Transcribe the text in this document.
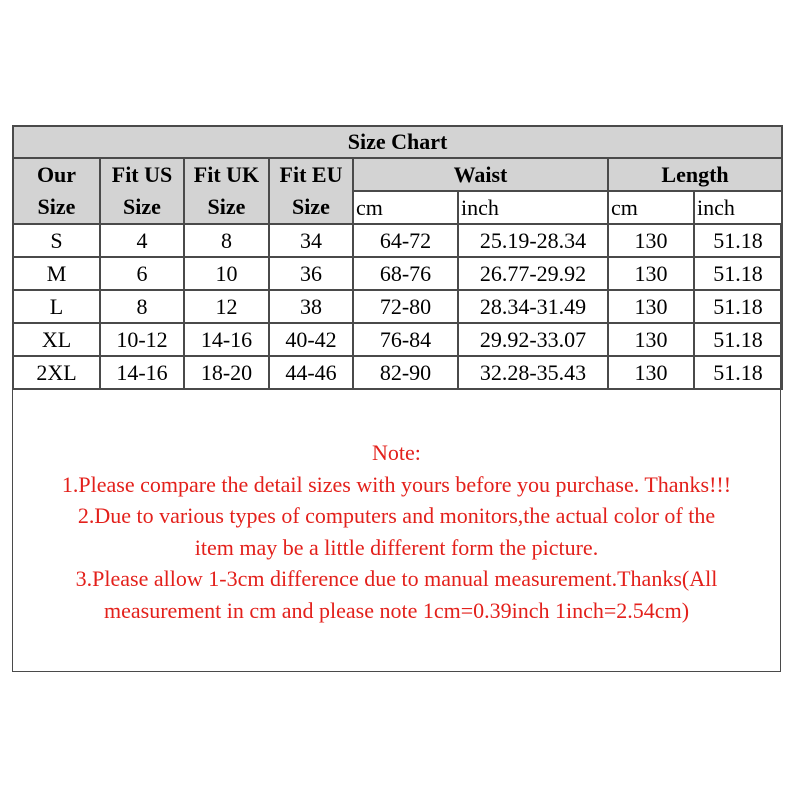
Size Chart							
Our	Fit US	Fit UK	Fit EU	Waist		Length	
Size	Size	Size	Size	cm	inch	cm	inch
S	4	8	34	64-72	25.19-28.34	130	51.18
M	6	10	36	68-76	26.77-29.92	130	51.18
L	8	12	38	72-80	28.34-31.49	130	51.18
XL	10-12	14-16	40-42	76-84	29.92-33.07	130	51.18
2XL	14-16	18-20	44-46	82-90	32.28-35.43	130	51.18
Note:
1.Please compare the detail sizes with yours before you purchase. Thanks!!!
2.Due to various types of computers and monitors,the actual color of the
item may be a little different form the picture.
3.Please allow 1-3cm difference due to manual measurement.Thanks(All
measurement in cm and please note 1cm=0.39inch 1inch=2.54cm)
